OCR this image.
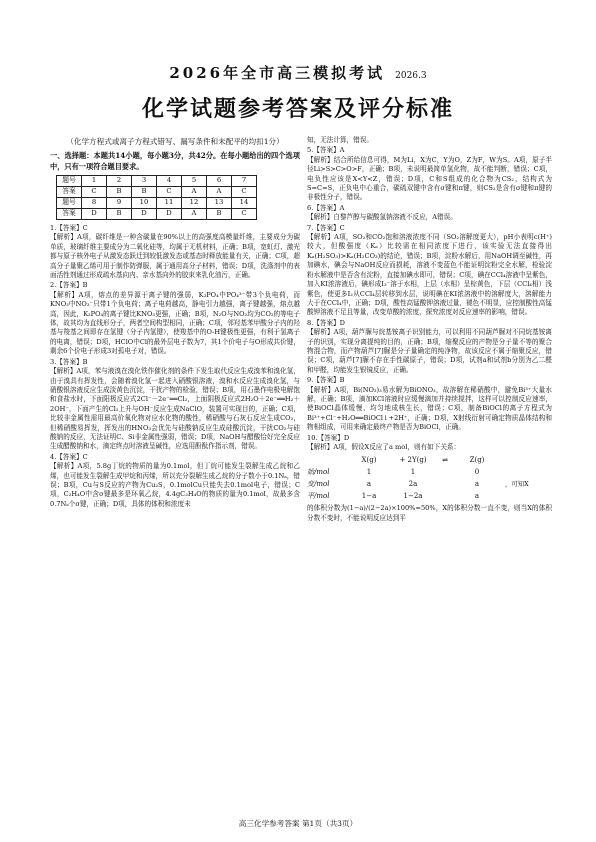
2026年全市高三模拟考试 2026.3
化学试题参考答案及评分标准

（化学方程式或离子方程式错写、漏写条件和未配平的均扣1分）

一、选择题：本题共14小题，每小题3分，共42分。在每小题给出的四个选项中，只有一项符合题目要求。

题号	1	2	3	4	5	6	7
答案	C	B	B	C	A	A	C
题号	8	9	10	11	12	13	14
答案	D	B	D	D	A	B	C

1.【答案】C

【解析】A项，碳纤维是一种含碳量在90%以上的高强度高模量纤维，主要成分为碳单质，玻璃纤维主要成分为二氧化硅等，均属于无机材料，正确；B项，宽虹灯、激光都与原子核外电子从激发态跃迁到较低激发态或基态时释放能量有关，正确；C项，超高分子量聚乙烯可用于制作防弹服，属于通用高分子材料，错误；D项，洗涤剂中的表面活性剂通过形成疏水基向内、亲水基向外的胶束来乳化油污，正确。

2.【答案】B

【解析】A项，熔点的差异源于离子键的强弱，K₃PO₄中PO₄³⁻带3个负电荷，而KNO₃中NO₃⁻只带1个负电荷；离子电荷越高，静电引力越强，离子键越强，熔点越高，因此，K₃PO₄的离子键比KNO₃更强，正确；B项，N₂O与NO₂均为CO₂的等电子体，故其均为直线形分子，两者空间构型相同，正确；C项，邻羟基苯甲酸分子内的羟基与羧基之间即存在氢键（分子内氢键），使羧基中的O-H键极性更强，有利于氢离子的电离，错误；D项，HClO中Cl的最外层电子数为7，其1个价电子与O形成共价键，剩余6个价电子形成3对孤电子对，错误。

3.【答案】B

【解析】A项，苯与液溴在溴化铁作催化剂的条件下发生取代反应生成溴苯和溴化氢，由于溴具有挥发性，会随着溴化氢一起进入硝酸银溶液，溴和水反应生成溴化氢，与硝酸银溶液反应生成淡黄色沉淀，干扰产物的检验，错误；B项，用石墨作电极电解饱和食盐水时，下面阳极反应式2Cl⁻－2e⁻══Cl₂，上面阴极反应式2H₂O＋2e⁻══H₂＋2OH⁻，下面产生的Cl₂上升与OH⁻反应生成NaClO，装置可实现目的，正确；C项，比较非金属性需用最高价氧化物对应水化物的酸性，稀硝酸与石灰石反应生成CO₂，但稀硝酸易挥发，挥发出的HNO₃会优先与硅酸钠反应生成硅酸沉淀，干扰CO₂与硅酸钠的反应，无法证明C、Si非金属性强弱，错误；D项，NaOH与醋酸恰好完全反应生成醋酸钠和水，滴定终点时溶液呈碱性，应选用酚酞作指示剂，错误。

4.【答案】C

【解析】A项，5.8g丁烷的物质的量为0.1mol，但丁烷可能发生裂解生成乙烷和乙烯，也可能发生裂解生成甲烷和丙烯，所以充分裂解生成乙烷的分子数小于0.1Nₐ，错误；B项，Cu与S反应的产物为Cu₂S，0.1molCu只能失去0.1mol电子，错误；C项，C₂H₄O中含σ键最多是环氧乙烷，4.4gC₂H₄O的物质的量为0.1mol，故最多含0.7Nₐ个σ键，正确；D项，具体的体积和浓度未

知，无法计算，错误。

5.【答案】A

【解析】结合所给信息可得，M为Li，X为C，Y为O，Z为F，W为S。A项，原子半径Li>S>C>O>F，正确；B项，未说明最简单氢化物，故不能判断，错误；C项，电负性应该是X<Y<Z，错误；D项，C和S组成的化合物为CS₂，结构式为S=C=S，正负电中心重合，碳硫双键中含有σ键和π键，则CS₂是含有σ键和π键的非极性分子，错误。

6.【答案】A

【解析】白黎芦醇与碳酸氢钠溶液不反应，A错误。

7.【答案】C

【解析】A项，SO₂和CO₂饱和溶液浓度不同（SO₂溶解度更大），pH小表明c(H⁺)较大，但酸强度（Kₐ）比较需在相同浓度下进行，该实验无法直接得出Kₐ(H₂SO₃)>Kₐ(H₂CO₃)的结论，错误；B项，淀粉水解后，用NaOH调至碱性，再加碘水，碘会与NaOH反应而损耗，溶液不变蓝色不能证明淀粉完全水解，检验淀粉水解液中是否含有淀粉，直接加碘水即可，错误；C项，碘在CCl₄溶液中呈紫色，加入KI浓溶液后，碘形成I₃⁻溶于水相，上层（水相）呈棕黄色，下层（CCl₄相）浅紫色，使更多I₂从CCl₄层转移到水层，说明碘在KI浓溶液中的溶解度大，溶解能力大于在CCl₄中，正确；D项，酸性高锰酸钾溶液过量，褪色不明显，应控制酸性高锰酸钾溶液不足且等量，改变草酸的浓度，探究浓度对反应速率的影响，错误。

8.【答案】D

【解析】A项，葫芦脲与烷基铵离子识别能力，可以利用不同葫芦脲对不同烷基铵离子的识别，实现分离提纯的目的，正确；B项，缩聚反应的产物是分子量不等的聚合物混合物，而产物葫芦[7]脲是分子量确定的纯净物，故该反应不属于缩聚反应，错误；C项，葫芦[7]脲不存在手性碳原子，错误；D项，试剂a和试剂b分别为乙二醛和甲醛，均能发生银镜反应，正确。

9.【答案】B

【解析】A项，Bi(NO₃)₃易水解为BiONO₃，故溶解在稀硝酸中，避免Bi³⁺大量水解，正确；B项，滴加KCl溶液时应缓慢滴加并持续搅拌，这样可以控制反应速率，使BiOCl晶体缓慢、均匀地成核生长，错误；C项，制备BiOCl的离子方程式为Bi³⁺+Cl⁻+H₂O══BiOCl↓+2H⁺，正确；D项，X射线衍射可确定物质晶体结构和物相组成，可用来确定最终产物是否为BiOCl，正确。

10.【答案】D

【解析】A项，假设X反应了a mol，则有如下关系：

X(g)	+ 2Y(g)	⇌	Z(g)
始/mol	1	1	0
变/mol	a	2a	a	，可知X
平/mol	1−a	1−2a	a

的体积分数为(1−a)/(2−2a)×100%=50%，X的体积分数一直不变，则当X的体积分数不变时，不能说明反应达到平

高三化学参考答案 第1页（共3页）
